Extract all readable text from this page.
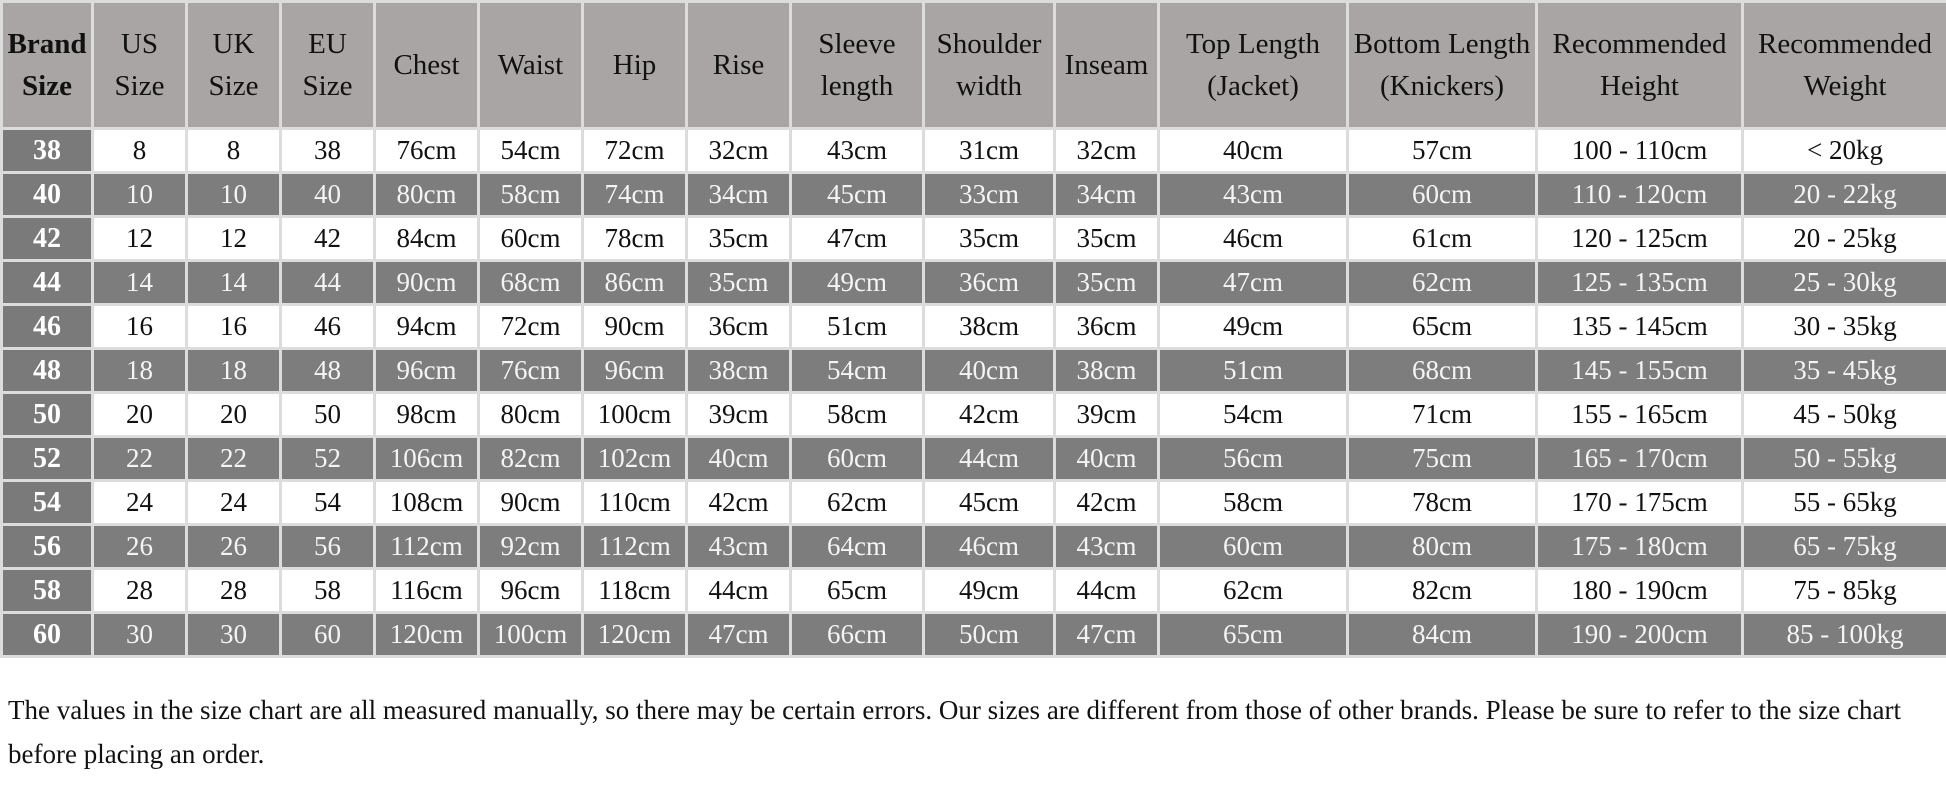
Brand Size	US Size	UK Size	EU Size	Chest	Waist	Hip	Rise	Sleeve length	Shoulder width	Inseam	Top Length (Jacket)	Bottom Length (Knickers)	Recommended Height	Recommended Weight
38	8	8	38	76cm	54cm	72cm	32cm	43cm	31cm	32cm	40cm	57cm	100 - 110cm	< 20kg
40	10	10	40	80cm	58cm	74cm	34cm	45cm	33cm	34cm	43cm	60cm	110 - 120cm	20 - 22kg
42	12	12	42	84cm	60cm	78cm	35cm	47cm	35cm	35cm	46cm	61cm	120 - 125cm	20 - 25kg
44	14	14	44	90cm	68cm	86cm	35cm	49cm	36cm	35cm	47cm	62cm	125 - 135cm	25 - 30kg
46	16	16	46	94cm	72cm	90cm	36cm	51cm	38cm	36cm	49cm	65cm	135 - 145cm	30 - 35kg
48	18	18	48	96cm	76cm	96cm	38cm	54cm	40cm	38cm	51cm	68cm	145 - 155cm	35 - 45kg
50	20	20	50	98cm	80cm	100cm	39cm	58cm	42cm	39cm	54cm	71cm	155 - 165cm	45 - 50kg
52	22	22	52	106cm	82cm	102cm	40cm	60cm	44cm	40cm	56cm	75cm	165 - 170cm	50 - 55kg
54	24	24	54	108cm	90cm	110cm	42cm	62cm	45cm	42cm	58cm	78cm	170 - 175cm	55 - 65kg
56	26	26	56	112cm	92cm	112cm	43cm	64cm	46cm	43cm	60cm	80cm	175 - 180cm	65 - 75kg
58	28	28	58	116cm	96cm	118cm	44cm	65cm	49cm	44cm	62cm	82cm	180 - 190cm	75 - 85kg
60	30	30	60	120cm	100cm	120cm	47cm	66cm	50cm	47cm	65cm	84cm	190 - 200cm	85 - 100kg

The values in the size chart are all measured manually, so there may be certain errors. Our sizes are different from those of other brands. Please be sure to refer to the size chart before placing an order.
